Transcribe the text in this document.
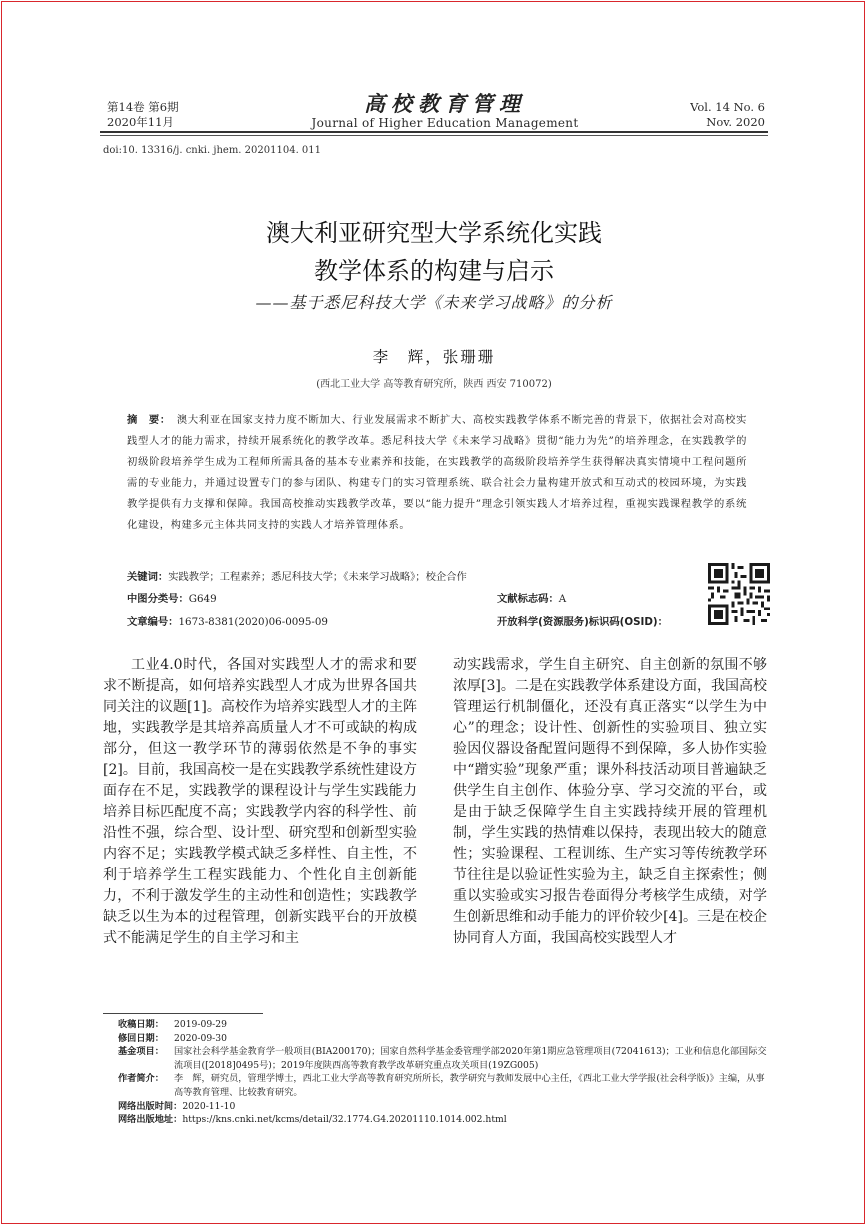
第14卷 第6期
2020年11月
高校教育管理
Journal of Higher Education Management
Vol. 14 No. 6
Nov. 2020
doi:10. 13316/j. cnki. jhem. 20201104. 011
澳大利亚研究型大学系统化实践
教学体系的构建与启示
——基于悉尼科技大学《未来学习战略》的分析
李　辉，张珊珊
(西北工业大学 高等教育研究所，陕西 西安 710072)
摘　要： 澳大利亚在国家支持力度不断加大、行业发展需求不断扩大、高校实践教学体系不断完善的背景下，依据社会对高校实践型人才的能力需求，持续开展系统化的教学改革。悉尼科技大学《未来学习战略》贯彻“能力为先”的培养理念，在实践教学的初级阶段培养学生成为工程师所需具备的基本专业素养和技能，在实践教学的高级阶段培养学生获得解决真实情境中工程问题所需的专业能力，并通过设置专门的参与团队、构建专门的实习管理系统、联合社会力量构建开放式和互动式的校园环境，为实践教学提供有力支撑和保障。我国高校推动实践教学改革，要以“能力提升”理念引领实践人才培养过程，重视实践课程教学的系统化建设，构建多元主体共同支持的实践人才培养管理体系。
关键词：实践教学；工程素养；悉尼科技大学；《未来学习战略》；校企合作
中图分类号：G649
文章编号：1673-8381(2020)06-0095-09
文献标志码：A
开放科学(资源服务)标识码(OSID)：

工业4.0时代，各国对实践型人才的需求和要求不断提高，如何培养实践型人才成为世界各国共同关注的议题[1]。高校作为培养实践型人才的主阵地，实践教学是其培养高质量人才不可或缺的构成部分，但这一教学环节的薄弱依然是不争的事实[2]。目前，我国高校一是在实践教学系统性建设方面存在不足，实践教学的课程设计与学生实践能力培养目标匹配度不高；实践教学内容的科学性、前沿性不强，综合型、设计型、研究型和创新型实验内容不足；实践教学模式缺乏多样性、自主性，不利于培养学生工程实践能力、个性化自主创新能力，不利于激发学生的主动性和创造性；实践教学缺乏以生为本的过程管理，创新实践平台的开放模式不能满足学生的自主学习和主

动实践需求，学生自主研究、自主创新的氛围不够浓厚[3]。二是在实践教学体系建设方面，我国高校管理运行机制僵化，还没有真正落实“以学生为中心”的理念；设计性、创新性的实验项目、独立实验因仪器设备配置问题得不到保障，多人协作实验中“蹭实验”现象严重；课外科技活动项目普遍缺乏供学生自主创作、体验分享、学习交流的平台，或是由于缺乏保障学生自主实践持续开展的管理机制，学生实践的热情难以保持，表现出较大的随意性；实验课程、工程训练、生产实习等传统教学环节往往是以验证性实验为主，缺乏自主探索性；侧重以实验或实习报告卷面得分考核学生成绩，对学生创新思维和动手能力的评价较少[4]。三是在校企协同育人方面，我国高校实践型人才

收稿日期：	2019-09-29
修回日期：	2020-09-30
基金项目：	国家社会科学基金教育学一般项目(BIA200170)；国家自然科学基金委管理学部2020年第1期应急管理项目(72041613)；工业和信息化部国际交流项目([2018]0495号)；2019年度陕西高等教育教学改革研究重点攻关项目(19ZG005)
作者简介：	李　辉，研究员，管理学博士，西北工业大学高等教育研究所所长，教学研究与教师发展中心主任，《西北工业大学学报(社会科学版)》主编，从事高等教育管理、比较教育研究。
网络出版时间： 2020-11-10
网络出版地址： https://kns.cnki.net/kcms/detail/32.1774.G4.20201110.1014.002.html
